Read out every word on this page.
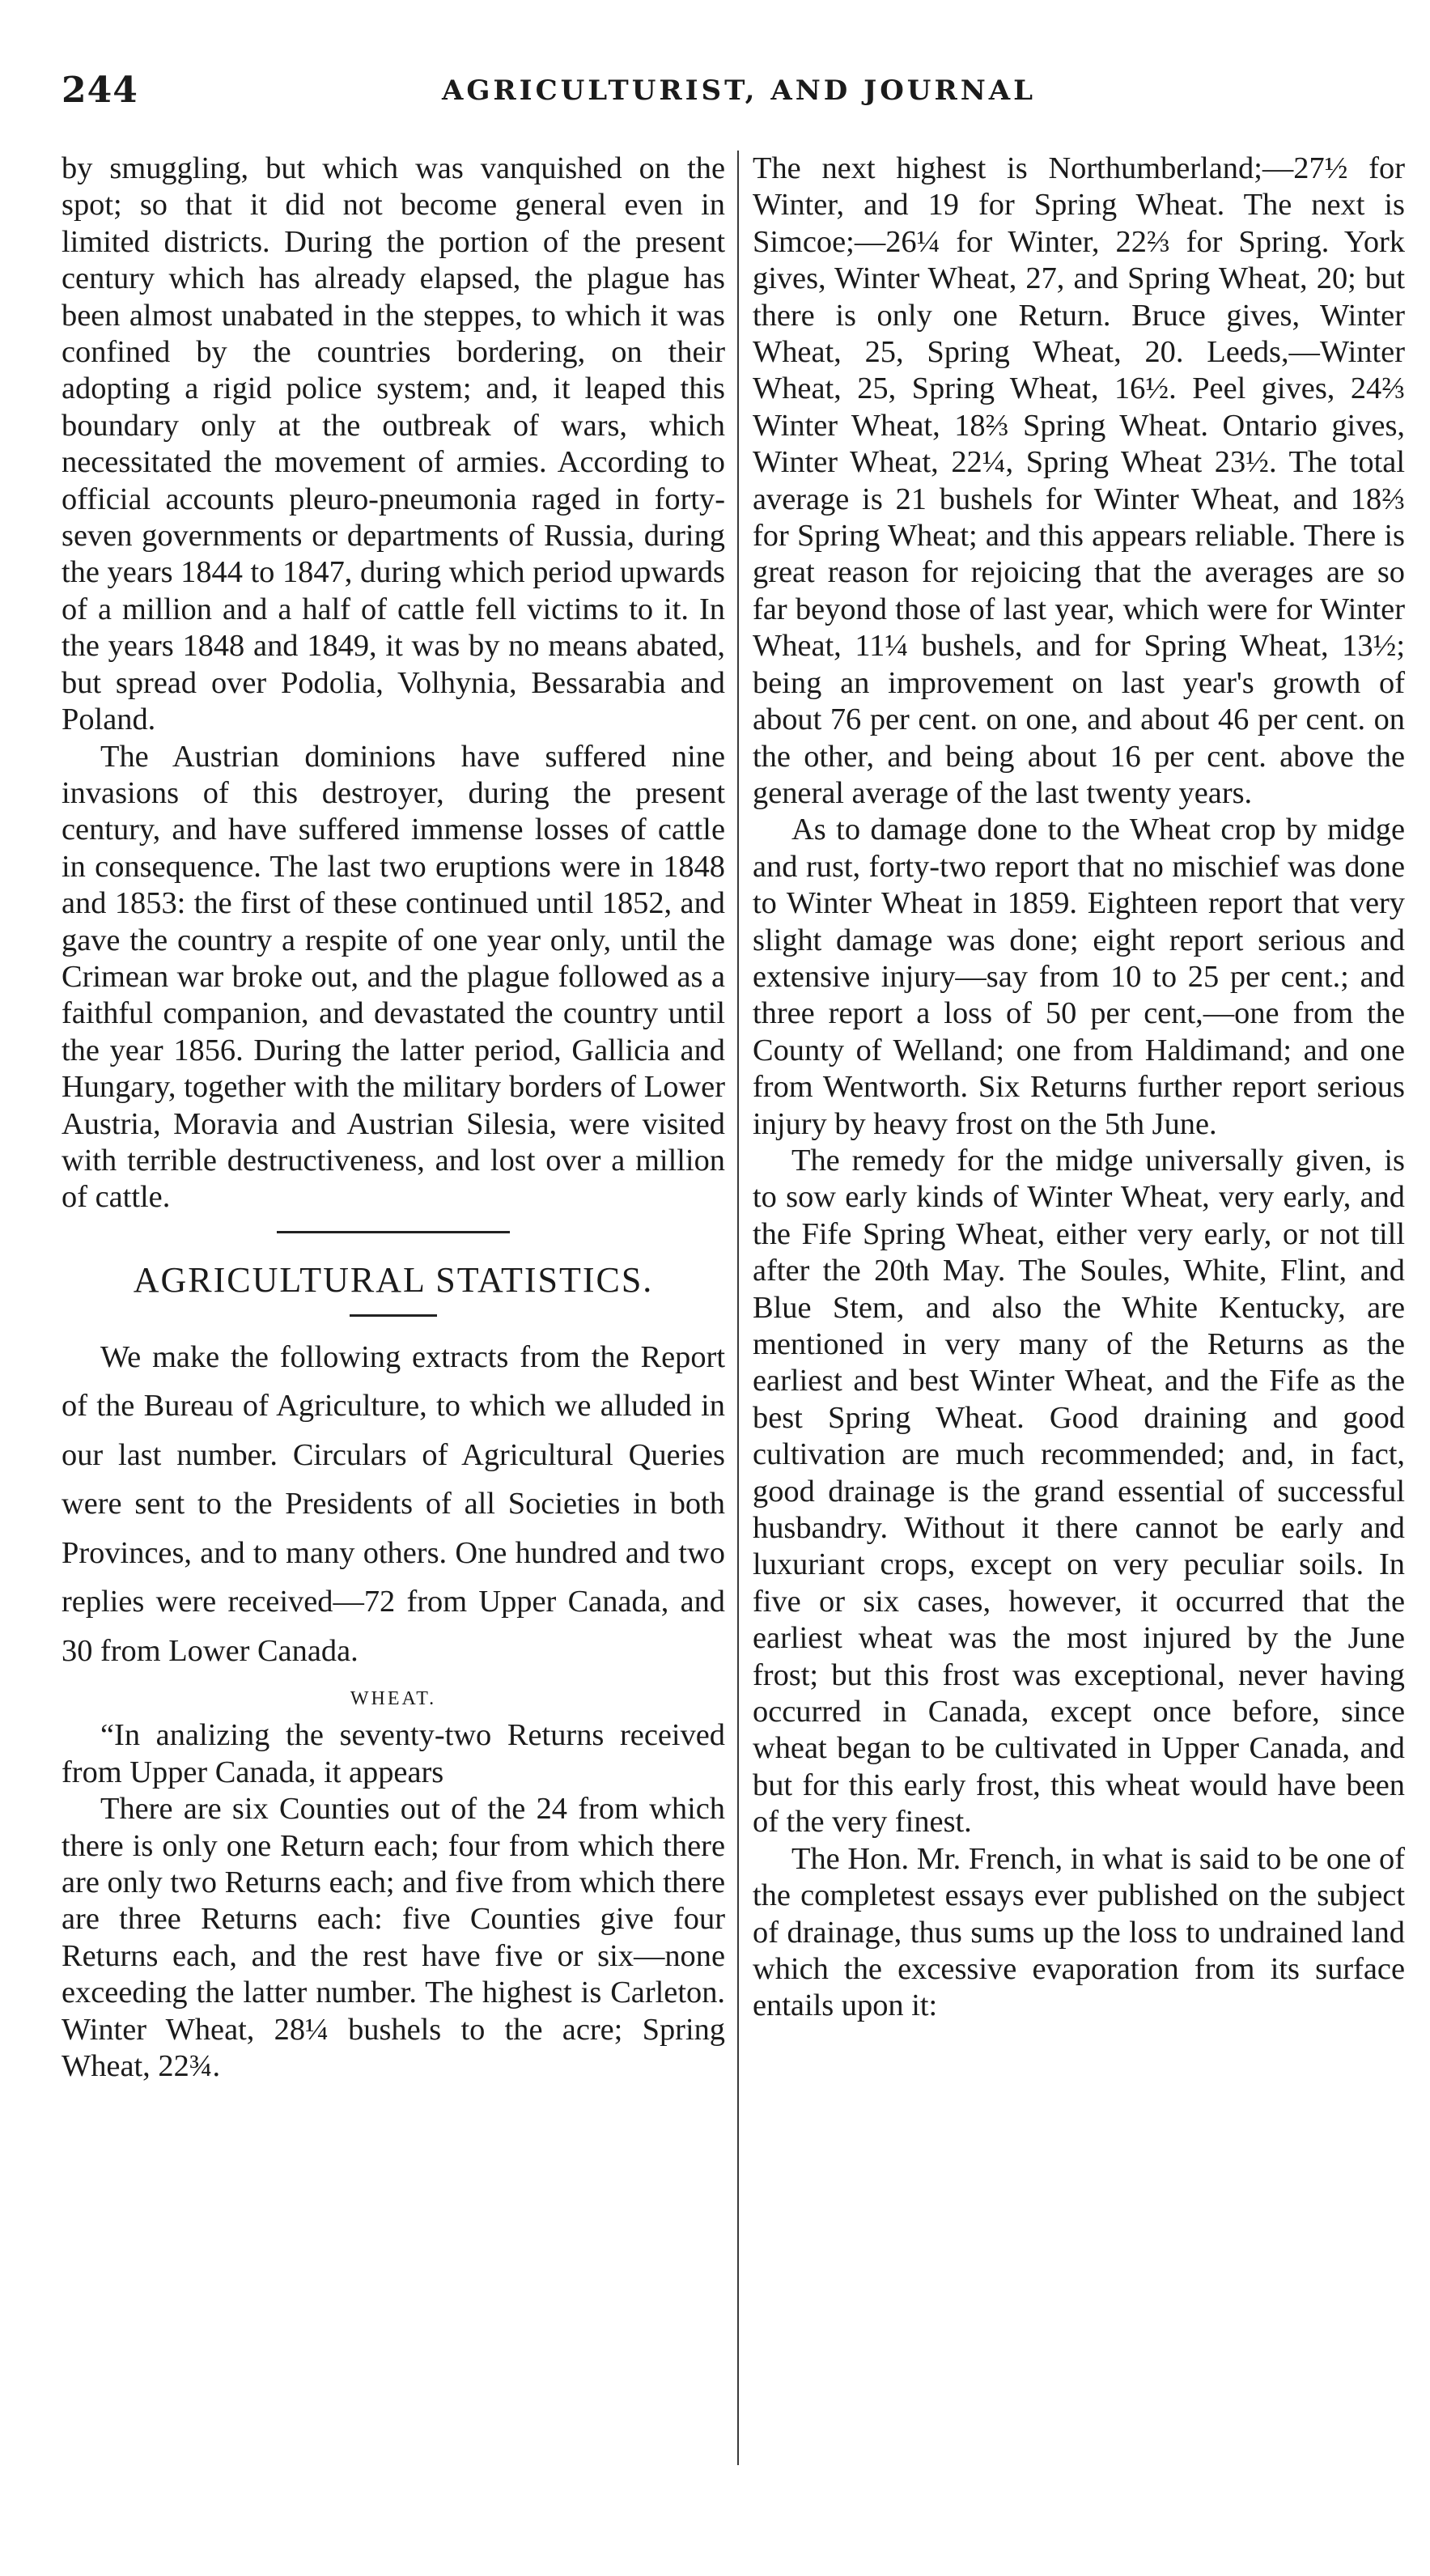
244	AGRICULTURIST, AND JOURNAL

by smuggling, but which was vanquished on the spot; so that it did not become general even in limited districts. During the portion of the present century which has already elapsed, the plague has been almost unabated in the steppes, to which it was confined by the countries bordering, on their adopting a rigid police system; and, it leaped this boundary only at the outbreak of wars, which necessitated the movement of armies. According to official accounts pleuro-pneumonia raged in forty-seven governments or departments of Russia, during the years 1844 to 1847, during which period upwards of a million and a half of cattle fell victims to it. In the years 1848 and 1849, it was by no means abated, but spread over Podolia, Volhynia, Bessarabia and Poland.

The Austrian dominions have suffered nine invasions of this destroyer, during the present century, and have suffered immense losses of cattle in consequence. The last two eruptions were in 1848 and 1853: the first of these continued until 1852, and gave the country a respite of one year only, until the Crimean war broke out, and the plague followed as a faithful companion, and devastated the country until the year 1856. During the latter period, Gallicia and Hungary, together with the military borders of Lower Austria, Moravia and Austrian Silesia, were visited with terrible destructiveness, and lost over a million of cattle.

AGRICULTURAL STATISTICS.

We make the following extracts from the Report of the Bureau of Agriculture, to which we alluded in our last number. Circulars of Agricultural Queries were sent to the Presidents of all Societies in both Provinces, and to many others. One hundred and two replies were received—72 from Upper Canada, and 30 from Lower Canada.

WHEAT.

“In analizing the seventy-two Returns received from Upper Canada, it appears

There are six Counties out of the 24 from which there is only one Return each; four from which there are only two Returns each; and five from which there are three Returns each: five Counties give four Returns each, and the rest have five or six—none exceeding the latter number. The highest is Carleton. Winter Wheat, 28¼ bushels to the acre; Spring Wheat, 22¾.

The next highest is Northumberland;—27½ for Winter, and 19 for Spring Wheat. The next is Simcoe;—26¼ for Winter, 22⅔ for Spring. York gives, Winter Wheat, 27, and Spring Wheat, 20; but there is only one Return. Bruce gives, Winter Wheat, 25, Spring Wheat, 20. Leeds,—Winter Wheat, 25, Spring Wheat, 16½. Peel gives, 24⅔ Winter Wheat, 18⅔ Spring Wheat. Ontario gives, Winter Wheat, 22¼, Spring Wheat 23½. The total average is 21 bushels for Winter Wheat, and 18⅔ for Spring Wheat; and this appears reliable. There is great reason for rejoicing that the averages are so far beyond those of last year, which were for Winter Wheat, 11¼ bushels, and for Spring Wheat, 13½; being an improvement on last year's growth of about 76 per cent. on one, and about 46 per cent. on the other, and being about 16 per cent. above the general average of the last twenty years.

As to damage done to the Wheat crop by midge and rust, forty-two report that no mischief was done to Winter Wheat in 1859. Eighteen report that very slight damage was done; eight report serious and extensive injury—say from 10 to 25 per cent.; and three report a loss of 50 per cent,—one from the County of Welland; one from Haldimand; and one from Wentworth. Six Returns further report serious injury by heavy frost on the 5th June.

The remedy for the midge universally given, is to sow early kinds of Winter Wheat, very early, and the Fife Spring Wheat, either very early, or not till after the 20th May. The Soules, White, Flint, and Blue Stem, and also the White Kentucky, are mentioned in very many of the Returns as the earliest and best Winter Wheat, and the Fife as the best Spring Wheat. Good draining and good cultivation are much recommended; and, in fact, good drainage is the grand essential of successful husbandry. Without it there cannot be early and luxuriant crops, except on very peculiar soils. In five or six cases, however, it occurred that the earliest wheat was the most injured by the June frost; but this frost was exceptional, never having occurred in Canada, except once before, since wheat began to be cultivated in Upper Canada, and but for this early frost, this wheat would have been of the very finest.

The Hon. Mr. French, in what is said to be one of the completest essays ever published on the subject of drainage, thus sums up the loss to undrained land which the excessive evaporation from its surface entails upon it:
